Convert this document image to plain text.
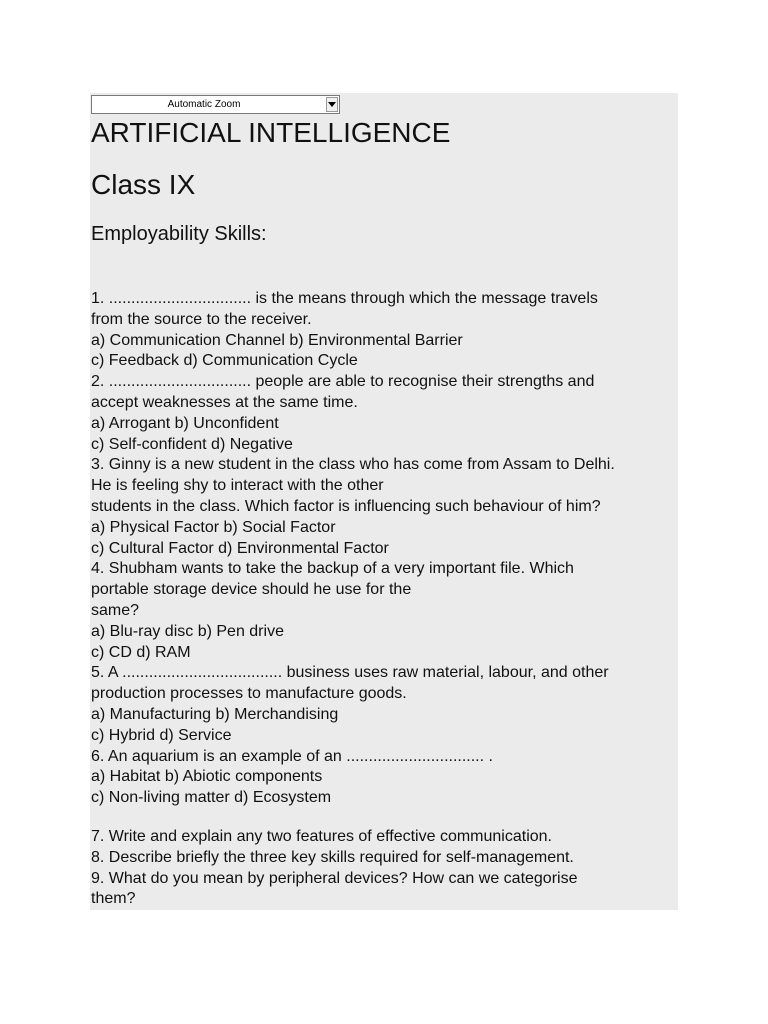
Automatic Zoom
ARTIFICIAL INTELLIGENCE
Class IX
Employability Skills:
1. ................................ is the means through which the message travels
from the source to the receiver.
a) Communication Channel b) Environmental Barrier
c) Feedback d) Communication Cycle
2. ................................ people are able to recognise their strengths and
accept weaknesses at the same time.
a) Arrogant b) Unconfident
c) Self-confident d) Negative
3. Ginny is a new student in the class who has come from Assam to Delhi.
He is feeling shy to interact with the other
students in the class. Which factor is influencing such behaviour of him?
a) Physical Factor b) Social Factor
c) Cultural Factor d) Environmental Factor
4. Shubham wants to take the backup of a very important file. Which
portable storage device should he use for the
same?
a) Blu-ray disc b) Pen drive
c) CD d) RAM
5. A .................................... business uses raw material, labour, and other
production processes to manufacture goods.
a) Manufacturing b) Merchandising
c) Hybrid d) Service
6. An aquarium is an example of an ............................... .
a) Habitat b) Abiotic components
c) Non-living matter d) Ecosystem
7. Write and explain any two features of effective communication.
8. Describe briefly the three key skills required for self-management.
9. What do you mean by peripheral devices? How can we categorise
them?
